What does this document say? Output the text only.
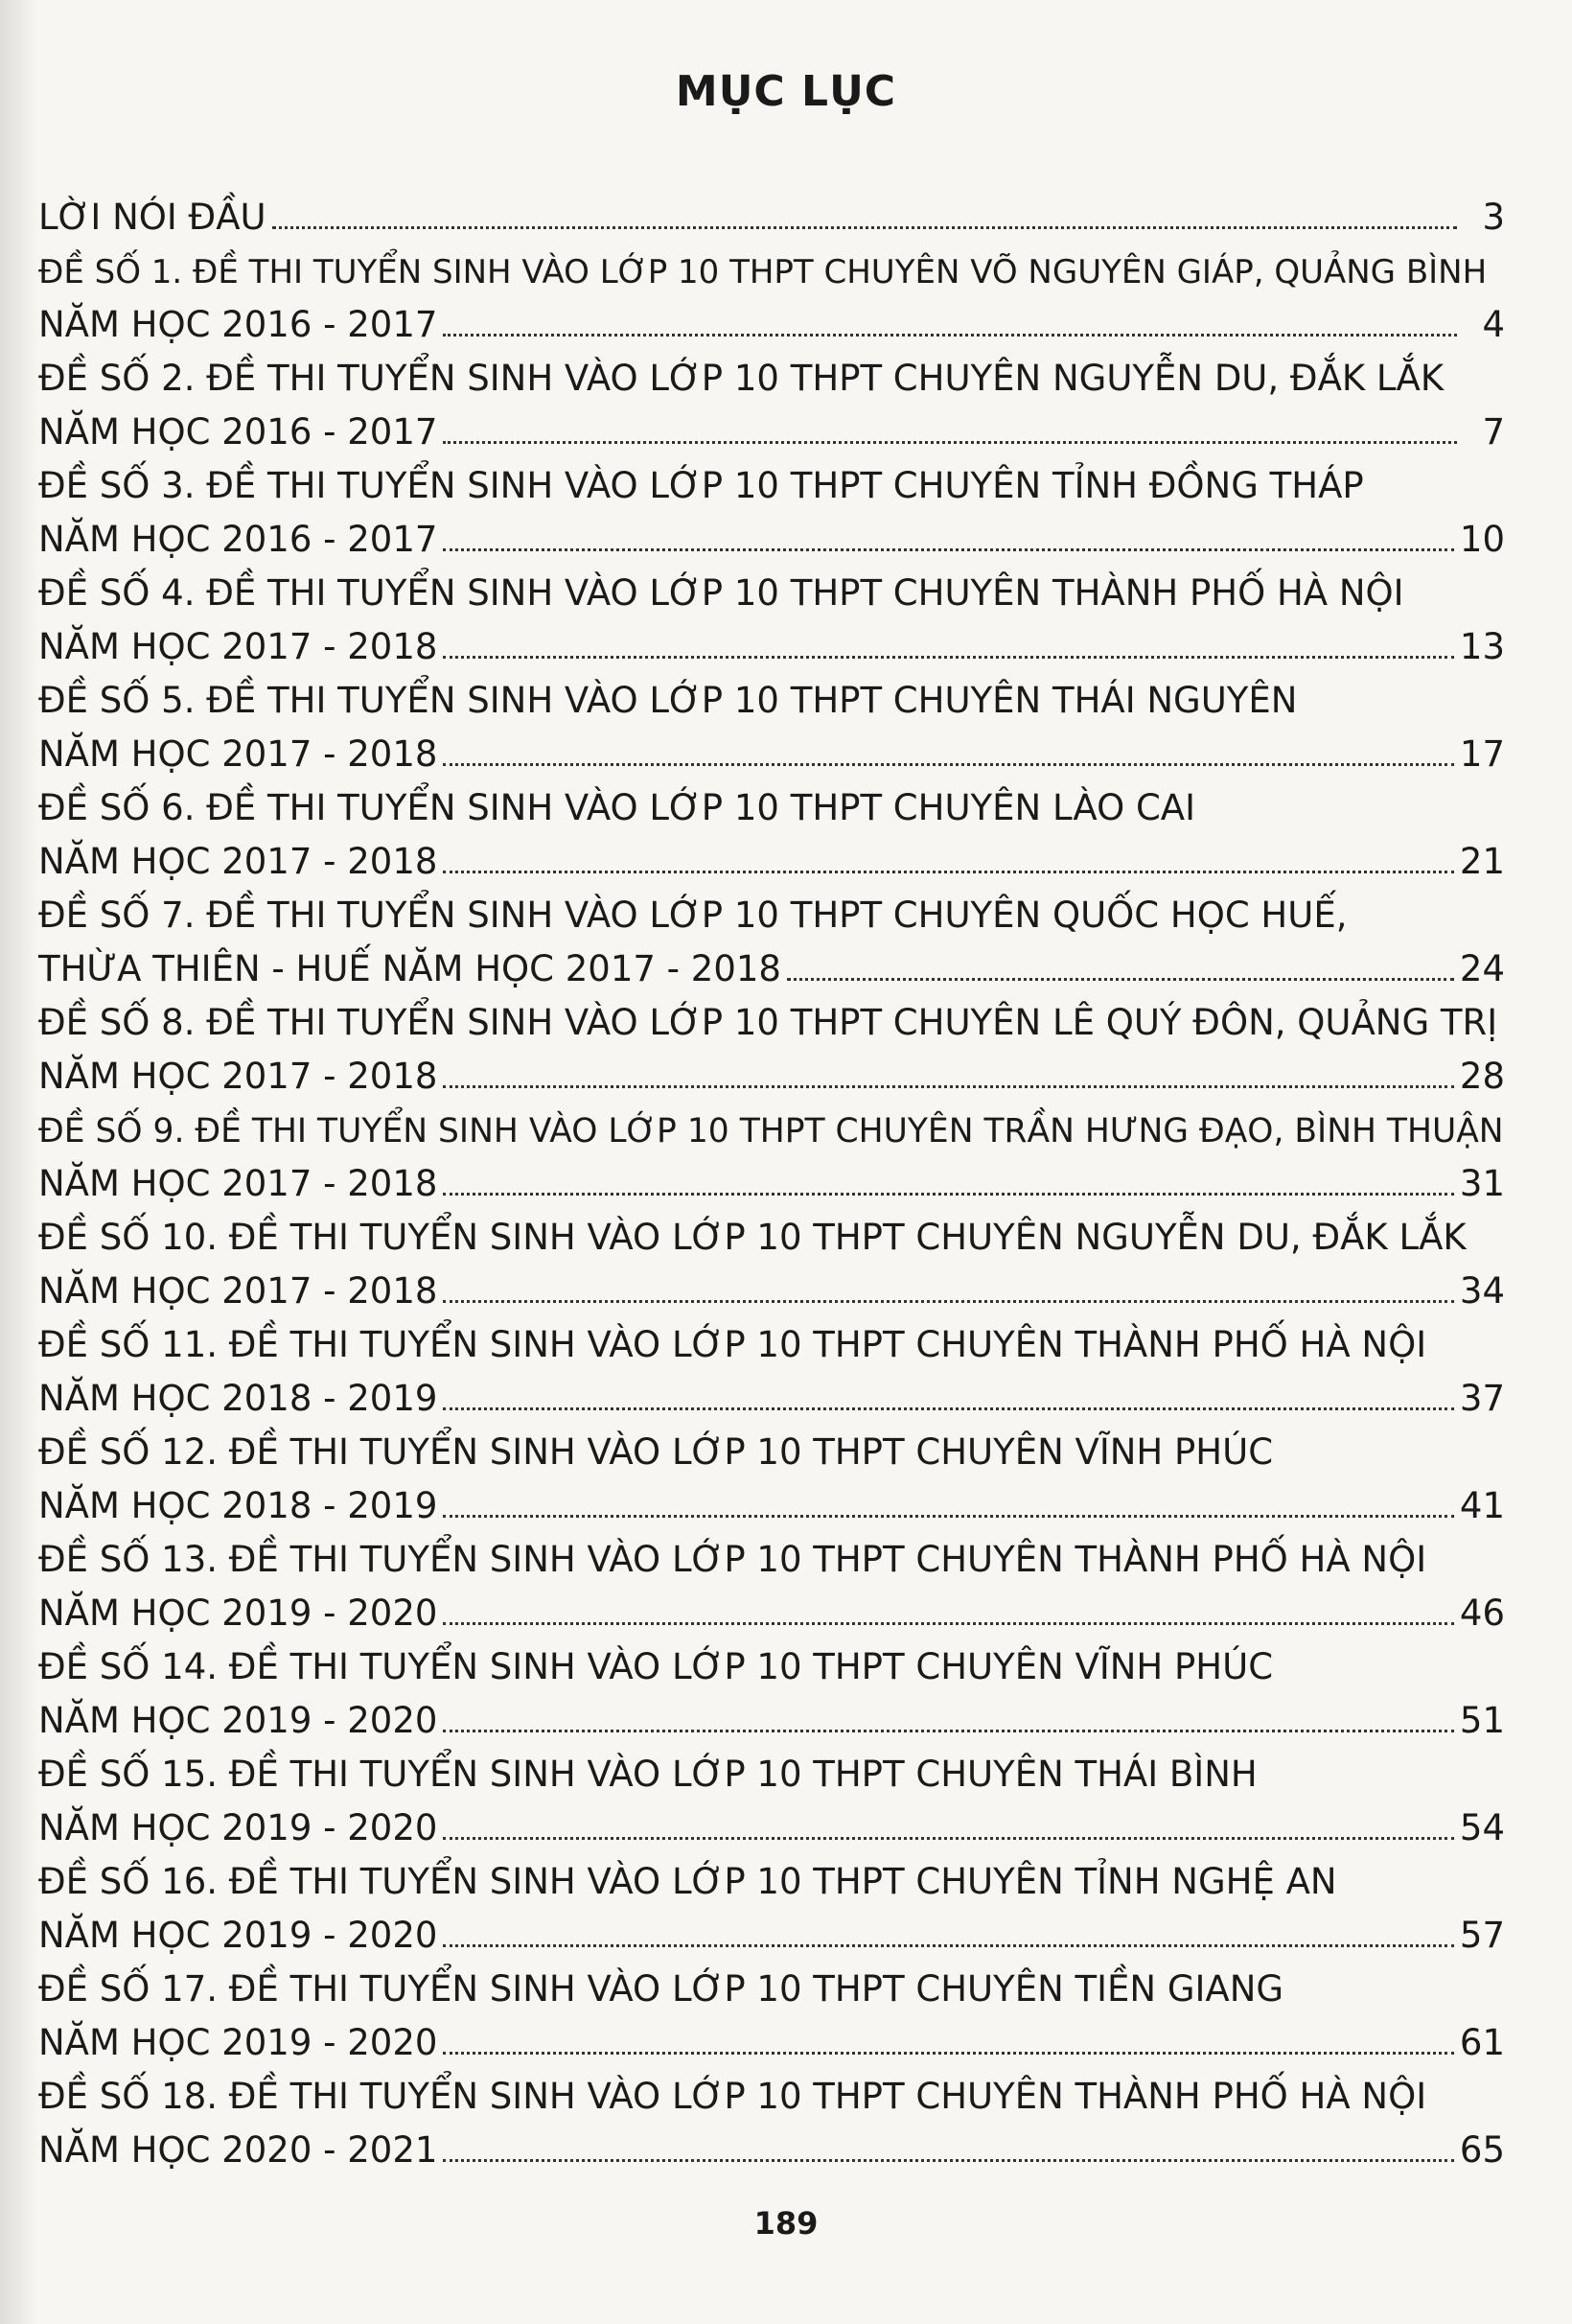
MỤC LỤC
LỜI NÓI ĐẦU	3
ĐỀ SỐ 1. ĐỀ THI TUYỂN SINH VÀO LỚP 10 THPT CHUYÊN VÕ NGUYÊN GIÁP, QUẢNG BÌNH
NĂM HỌC 2016 - 2017	4
ĐỀ SỐ 2. ĐỀ THI TUYỂN SINH VÀO LỚP 10 THPT CHUYÊN NGUYỄN DU, ĐẮK LẮK
NĂM HỌC 2016 - 2017	7
ĐỀ SỐ 3. ĐỀ THI TUYỂN SINH VÀO LỚP 10 THPT CHUYÊN TỈNH ĐỒNG THÁP
NĂM HỌC 2016 - 2017	10
ĐỀ SỐ 4. ĐỀ THI TUYỂN SINH VÀO LỚP 10 THPT CHUYÊN THÀNH PHỐ HÀ NỘI
NĂM HỌC 2017 - 2018	13
ĐỀ SỐ 5. ĐỀ THI TUYỂN SINH VÀO LỚP 10 THPT CHUYÊN THÁI NGUYÊN
NĂM HỌC 2017 - 2018	17
ĐỀ SỐ 6. ĐỀ THI TUYỂN SINH VÀO LỚP 10 THPT CHUYÊN LÀO CAI
NĂM HỌC 2017 - 2018	21
ĐỀ SỐ 7. ĐỀ THI TUYỂN SINH VÀO LỚP 10 THPT CHUYÊN QUỐC HỌC HUẾ,
THỪA THIÊN - HUẾ NĂM HỌC 2017 - 2018	24
ĐỀ SỐ 8. ĐỀ THI TUYỂN SINH VÀO LỚP 10 THPT CHUYÊN LÊ QUÝ ĐÔN, QUẢNG TRỊ
NĂM HỌC 2017 - 2018	28
ĐỀ SỐ 9. ĐỀ THI TUYỂN SINH VÀO LỚP 10 THPT CHUYÊN TRẦN HƯNG ĐẠO, BÌNH THUẬN
NĂM HỌC 2017 - 2018	31
ĐỀ SỐ 10. ĐỀ THI TUYỂN SINH VÀO LỚP 10 THPT CHUYÊN NGUYỄN DU, ĐẮK LẮK
NĂM HỌC 2017 - 2018	34
ĐỀ SỐ 11. ĐỀ THI TUYỂN SINH VÀO LỚP 10 THPT CHUYÊN THÀNH PHỐ HÀ NỘI
NĂM HỌC 2018 - 2019	37
ĐỀ SỐ 12. ĐỀ THI TUYỂN SINH VÀO LỚP 10 THPT CHUYÊN VĨNH PHÚC
NĂM HỌC 2018 - 2019	41
ĐỀ SỐ 13. ĐỀ THI TUYỂN SINH VÀO LỚP 10 THPT CHUYÊN THÀNH PHỐ HÀ NỘI
NĂM HỌC 2019 - 2020	46
ĐỀ SỐ 14. ĐỀ THI TUYỂN SINH VÀO LỚP 10 THPT CHUYÊN VĨNH PHÚC
NĂM HỌC 2019 - 2020	51
ĐỀ SỐ 15. ĐỀ THI TUYỂN SINH VÀO LỚP 10 THPT CHUYÊN THÁI BÌNH
NĂM HỌC 2019 - 2020	54
ĐỀ SỐ 16. ĐỀ THI TUYỂN SINH VÀO LỚP 10 THPT CHUYÊN TỈNH NGHỆ AN
NĂM HỌC 2019 - 2020	57
ĐỀ SỐ 17. ĐỀ THI TUYỂN SINH VÀO LỚP 10 THPT CHUYÊN TIỀN GIANG
NĂM HỌC 2019 - 2020	61
ĐỀ SỐ 18. ĐỀ THI TUYỂN SINH VÀO LỚP 10 THPT CHUYÊN THÀNH PHỐ HÀ NỘI
NĂM HỌC 2020 - 2021	65
189
